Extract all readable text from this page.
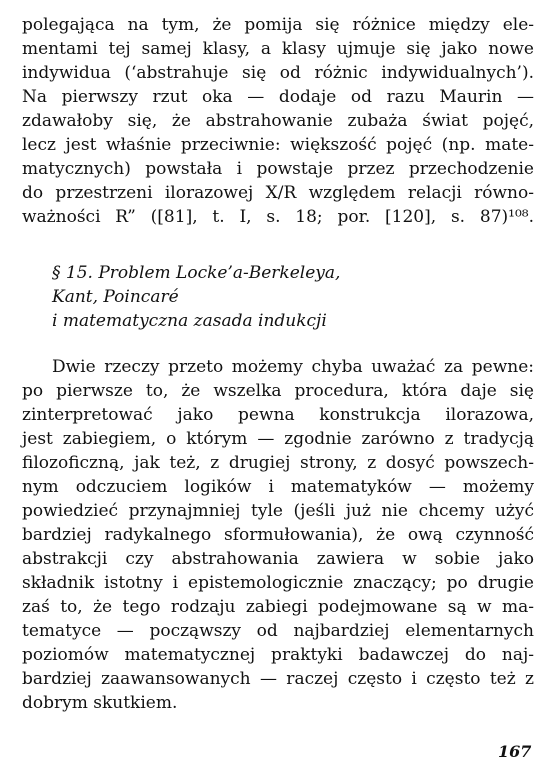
polegająca na tym, że pomija się różnice między ele-
mentami tej samej klasy, a klasy ujmuje się jako nowe
indywidua (‘abstrahuje się od różnic indywidualnych’).
Na pierwszy rzut oka — dodaje od razu Maurin —
zdawałoby się, że abstrahowanie zubaża świat pojęć,
lecz jest właśnie przeciwnie: większość pojęć (np. mate-
matycznych) powstała i powstaje przez przechodzenie
do przestrzeni ilorazowej X/R względem relacji równo-
ważności R” ([81], t. I, s. 18; por. [120], s. 87)¹⁰⁸.
§ 15. Problem Locke’a-Berkeleya,
Kant, Poincaré
i matematyczna zasada indukcji
Dwie rzeczy przeto możemy chyba uważać za pewne:
po pierwsze to, że wszelka procedura, która daje się
zinterpretować jako pewna konstrukcja ilorazowa,
jest zabiegiem, o którym — zgodnie zarówno z tradycją
filozoficzną, jak też, z drugiej strony, z dosyć powszech-
nym odczuciem logików i matematyków — możemy
powiedzieć przynajmniej tyle (jeśli już nie chcemy użyć
bardziej radykalnego sformułowania), że ową czynność
abstrakcji czy abstrahowania zawiera w sobie jako
składnik istotny i epistemologicznie znaczący; po drugie
zaś to, że tego rodzaju zabiegi podejmowane są w ma-
tematyce — począwszy od najbardziej elementarnych
poziomów matematycznej praktyki badawczej do naj-
bardziej zaawansowanych — raczej często i często też z
dobrym skutkiem.
167
